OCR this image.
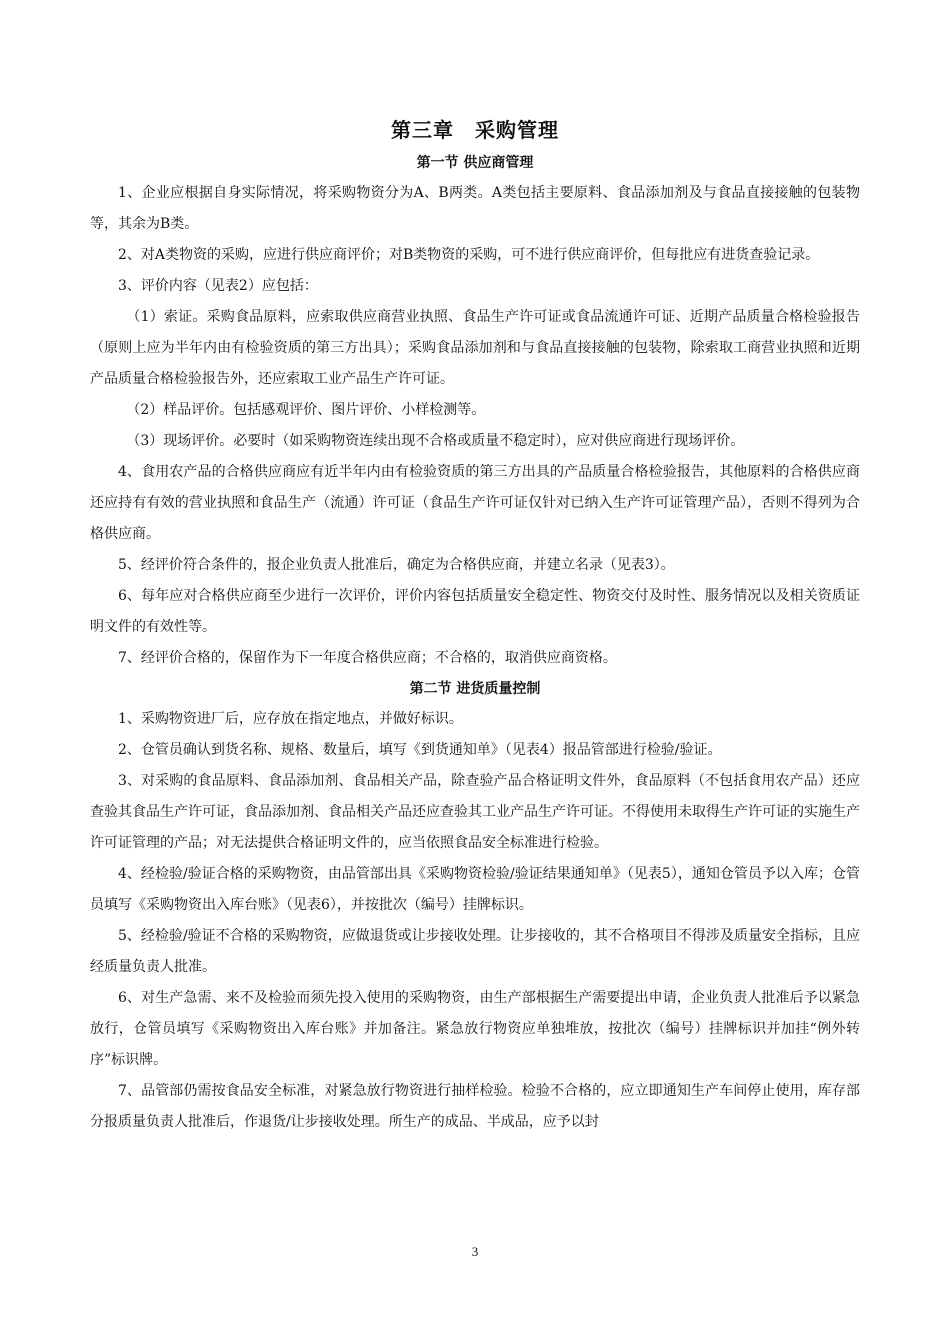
第三章　采购管理
第一节 供应商管理

1、企业应根据自身实际情况，将采购物资分为A、B两类。A类包括主要原料、食品添加剂及与食品直接接触的包装物等，其余为B类。

2、对A类物资的采购，应进行供应商评价；对B类物资的采购，可不进行供应商评价，但每批应有进货查验记录。

3、评价内容（见表2）应包括：

（1）索证。采购食品原料，应索取供应商营业执照、食品生产许可证或食品流通许可证、近期产品质量合格检验报告（原则上应为半年内由有检验资质的第三方出具）；采购食品添加剂和与食品直接接触的包装物，除索取工商营业执照和近期产品质量合格检验报告外，还应索取工业产品生产许可证。

（2）样品评价。包括感观评价、图片评价、小样检测等。

（3）现场评价。必要时（如采购物资连续出现不合格或质量不稳定时），应对供应商进行现场评价。

4、食用农产品的合格供应商应有近半年内由有检验资质的第三方出具的产品质量合格检验报告，其他原料的合格供应商还应持有有效的营业执照和食品生产（流通）许可证（食品生产许可证仅针对已纳入生产许可证管理产品），否则不得列为合格供应商。

5、经评价符合条件的，报企业负责人批准后，确定为合格供应商，并建立名录（见表3）。

6、每年应对合格供应商至少进行一次评价，评价内容包括质量安全稳定性、物资交付及时性、服务情况以及相关资质证明文件的有效性等。

7、经评价合格的，保留作为下一年度合格供应商；不合格的，取消供应商资格。

第二节 进货质量控制

1、采购物资进厂后，应存放在指定地点，并做好标识。

2、仓管员确认到货名称、规格、数量后，填写《到货通知单》（见表4）报品管部进行检验/验证。

3、对采购的食品原料、食品添加剂、食品相关产品，除查验产品合格证明文件外，食品原料（不包括食用农产品）还应查验其食品生产许可证，食品添加剂、食品相关产品还应查验其工业产品生产许可证。不得使用未取得生产许可证的实施生产许可证管理的产品；对无法提供合格证明文件的，应当依照食品安全标准进行检验。

4、经检验/验证合格的采购物资，由品管部出具《采购物资检验/验证结果通知单》（见表5），通知仓管员予以入库；仓管员填写《采购物资出入库台账》（见表6），并按批次（编号）挂牌标识。

5、经检验/验证不合格的采购物资，应做退货或让步接收处理。让步接收的，其不合格项目不得涉及质量安全指标，且应经质量负责人批准。

6、对生产急需、来不及检验而须先投入使用的采购物资，由生产部根据生产需要提出申请，企业负责人批准后予以紧急放行，仓管员填写《采购物资出入库台账》并加备注。紧急放行物资应单独堆放，按批次（编号）挂牌标识并加挂“例外转序”标识牌。

7、品管部仍需按食品安全标准，对紧急放行物资进行抽样检验。检验不合格的，应立即通知生产车间停止使用，库存部分报质量负责人批准后，作退货/让步接收处理。所生产的成品、半成品，应予以封

3
